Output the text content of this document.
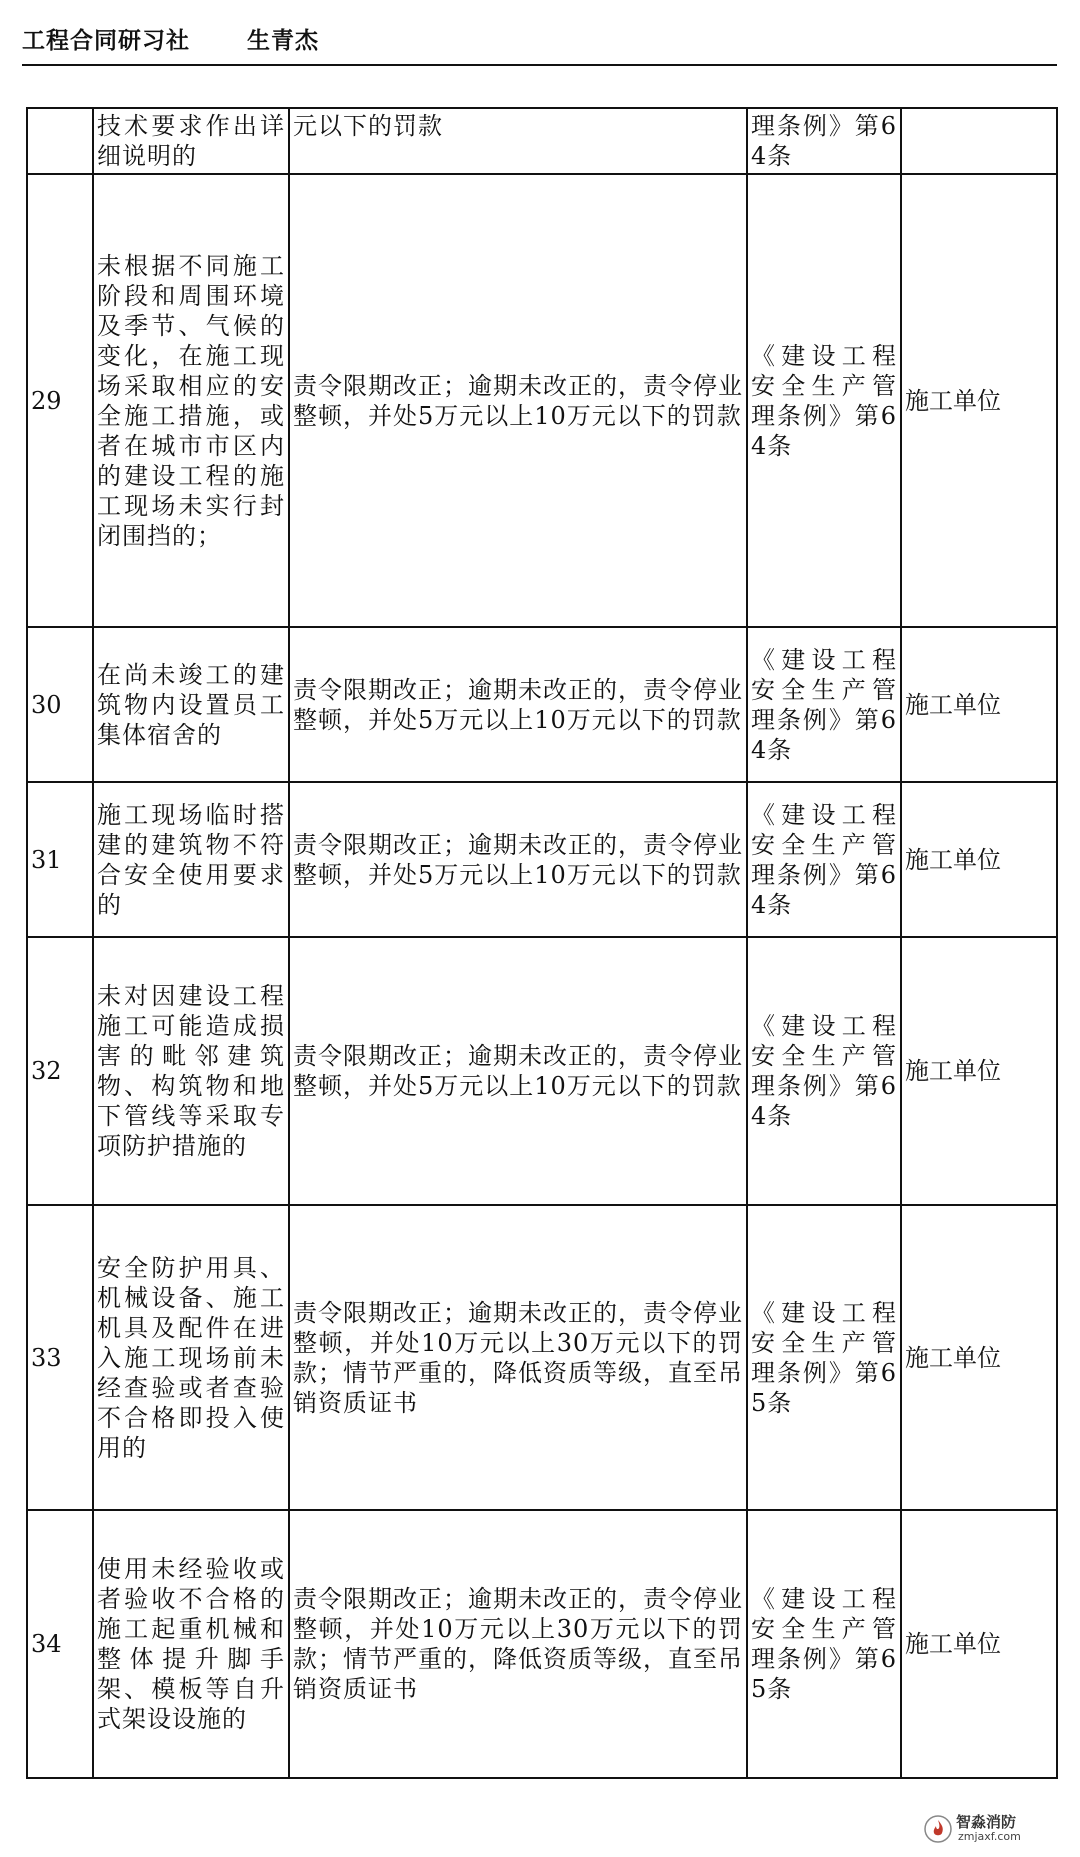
工程合同研习社 生青杰
	技术要求作出详细说明的	元以下的罚款	理条例》第64条	
29	未根据不同施工阶段和周围环境及季节、气候的变化，在施工现场采取相应的安全施工措施，或者在城市市区内的建设工程的施工现场未实行封闭围挡的；	责令限期改正；逾期未改正的，责令停业整顿，并处5万元以上10万元以下的罚款	《建设工程安全生产管理条例》第64条	施工单位
30	在尚未竣工的建筑物内设置员工集体宿舍的	责令限期改正；逾期未改正的，责令停业整顿，并处5万元以上10万元以下的罚款	《建设工程安全生产管理条例》第64条	施工单位
31	施工现场临时搭建的建筑物不符合安全使用要求的	责令限期改正；逾期未改正的，责令停业整顿，并处5万元以上10万元以下的罚款	《建设工程安全生产管理条例》第64条	施工单位
32	未对因建设工程施工可能造成损害的毗邻建筑物、构筑物和地下管线等采取专项防护措施的	责令限期改正；逾期未改正的，责令停业整顿，并处5万元以上10万元以下的罚款	《建设工程安全生产管理条例》第64条	施工单位
33	安全防护用具、机械设备、施工机具及配件在进入施工现场前未经查验或者查验不合格即投入使用的	责令限期改正；逾期未改正的，责令停业整顿，并处10万元以上30万元以下的罚款；情节严重的，降低资质等级，直至吊销资质证书	《建设工程安全生产管理条例》第65条	施工单位
34	使用未经验收或者验收不合格的施工起重机械和整体提升脚手架、模板等自升式架设设施的	责令限期改正；逾期未改正的，责令停业整顿，并处10万元以上30万元以下的罚款；情节严重的，降低资质等级，直至吊销资质证书	《建设工程安全生产管理条例》第65条	施工单位
智淼消防
zmjaxf.com
